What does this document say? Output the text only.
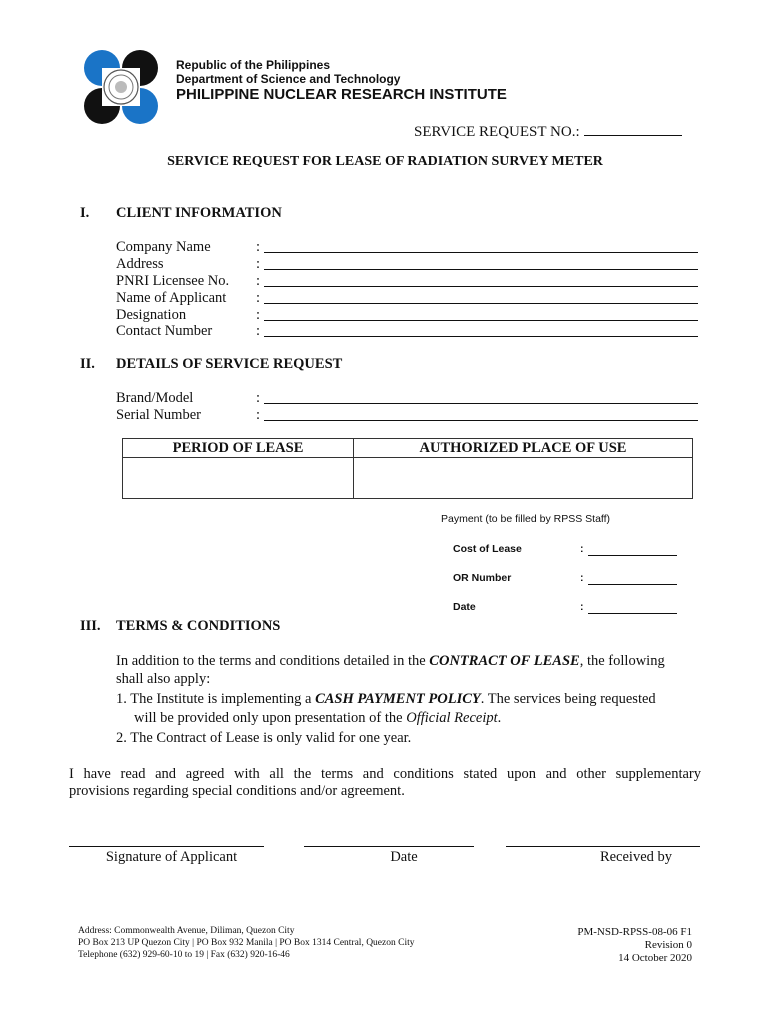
Republic of the Philippines
Department of Science and Technology
PHILIPPINE NUCLEAR RESEARCH INSTITUTE
SERVICE REQUEST NO.:
SERVICE REQUEST FOR LEASE OF RADIATION SURVEY METER
I. CLIENT INFORMATION
Company Name	:
Address	:
PNRI Licensee No. :
Name of Applicant :
Designation	:
Contact Number	:
II. DETAILS OF SERVICE REQUEST
Brand/Model	:
Serial Number	:
PERIOD OF LEASE	AUTHORIZED PLACE OF USE
Payment (to be filled by RPSS Staff)
Cost of Lease	:
OR Number	:
Date	:
III. TERMS & CONDITIONS
In addition to the terms and conditions detailed in the CONTRACT OF LEASE, the following
shall also apply:
1. The Institute is implementing a CASH PAYMENT POLICY. The services being requested
will be provided only upon presentation of the Official Receipt.
2. The Contract of Lease is only valid for one year.
I have read and agreed with all the terms and conditions stated upon and other supplementary
provisions regarding special conditions and/or agreement.
Signature of Applicant	Date	Received by
Address: Commonwealth Avenue, Diliman, Quezon City
PO Box 213 UP Quezon City | PO Box 932 Manila | PO Box 1314 Central, Quezon City
Telephone (632) 929-60-10 to 19 | Fax (632) 920-16-46
PM-NSD-RPSS-08-06 F1
Revision 0
14 October 2020
